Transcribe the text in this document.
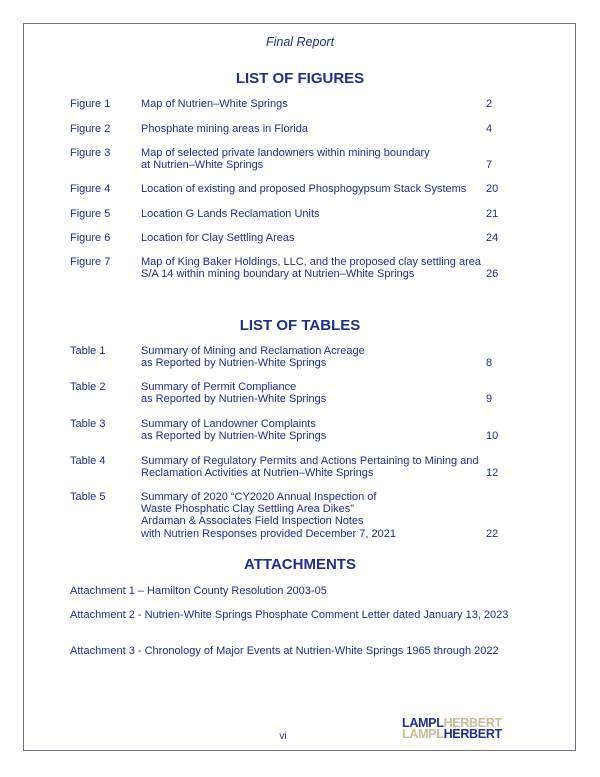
Final Report
LIST OF FIGURES
Figure 1	Map of Nutrien–White Springs	2
Figure 2	Phosphate mining areas in Florida	4
Figure 3	Map of selected private landowners within mining boundary
at Nutrien–White Springs	7
Figure 4	Location of existing and proposed Phosphogypsum Stack Systems	20
Figure 5	Location G Lands Reclamation Units	21
Figure 6	Location for Clay Settling Areas	24
Figure 7	Map of King Baker Holdings, LLC, and the proposed clay settling area
S/A 14 within mining boundary at Nutrien–White Springs	26
LIST OF TABLES
Table 1	Summary of Mining and Reclamation Acreage
as Reported by Nutrien-White Springs	8
Table 2	Summary of Permit Compliance
as Reported by Nutrien-White Springs	9
Table 3	Summary of Landowner Complaints
as Reported by Nutrien-White Springs	10
Table 4	Summary of Regulatory Permits and Actions Pertaining to Mining and
Reclamation Activities at Nutrien–White Springs	12
Table 5	Summary of 2020 “CY2020 Annual Inspection of
Waste Phosphatic Clay Settling Area Dikes”
Ardaman & Associates Field Inspection Notes
with Nutrien Responses provided December 7, 2021	22
ATTACHMENTS
Attachment 1 – Hamilton County Resolution 2003-05
Attachment 2 - Nutrien-White Springs Phosphate Comment Letter dated January 13, 2023
Attachment 3 - Chronology of Major Events at Nutrien-White Springs 1965 through 2022
vi
LAMPLHERBERT
LAMPLHERBERT
